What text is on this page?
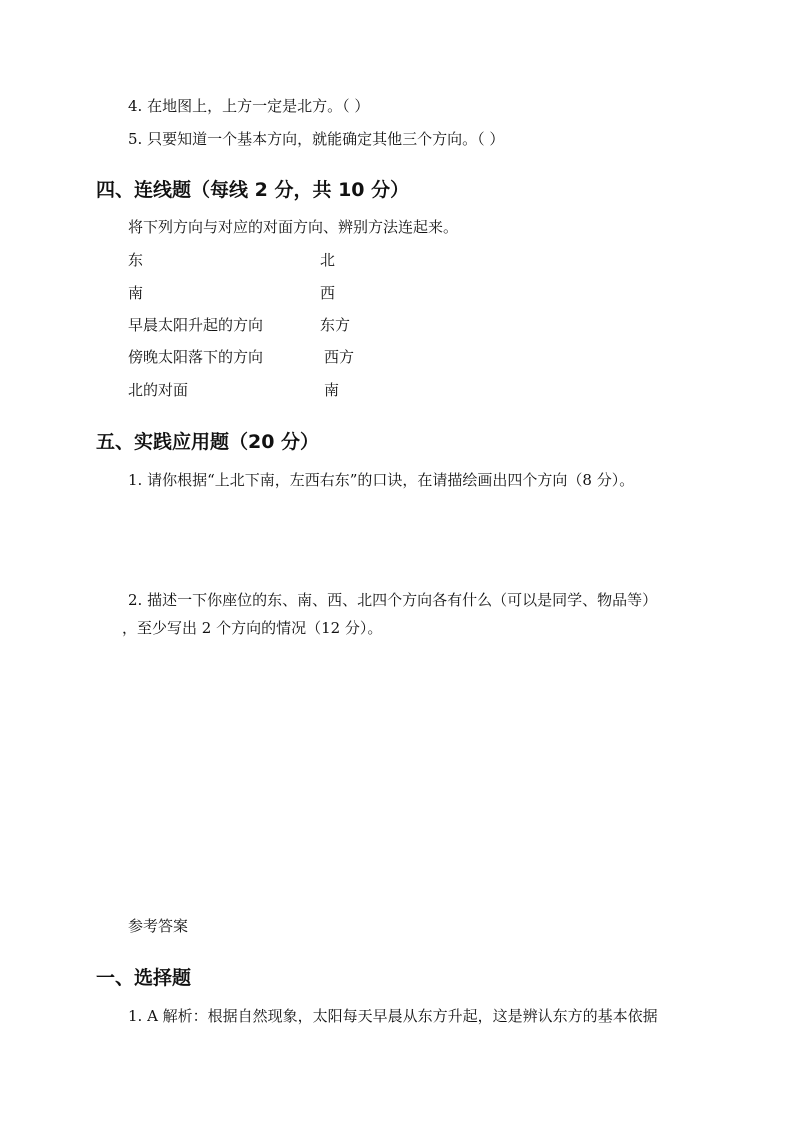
4. 在地图上，上方一定是北方。（ ）
5. 只要知道一个基本方向，就能确定其他三个方向。（ ）
四、连线题（每线 2 分，共 10 分）
将下列方向与对应的对面方向、辨别方法连起来。
东	北
南	西
早晨太阳升起的方向	东方
傍晚太阳落下的方向	西方
北的对面	南
五、实践应用题（20 分）
1. 请你根据“上北下南，左西右东”的口诀，在请描绘画出四个方向（8 分）。
2. 描述一下你座位的东、南、西、北四个方向各有什么（可以是同学、物品等）
，至少写出 2 个方向的情况（12 分）。
参考答案
一、选择题
1. A 解析：根据自然现象，太阳每天早晨从东方升起，这是辨认东方的基本依据
